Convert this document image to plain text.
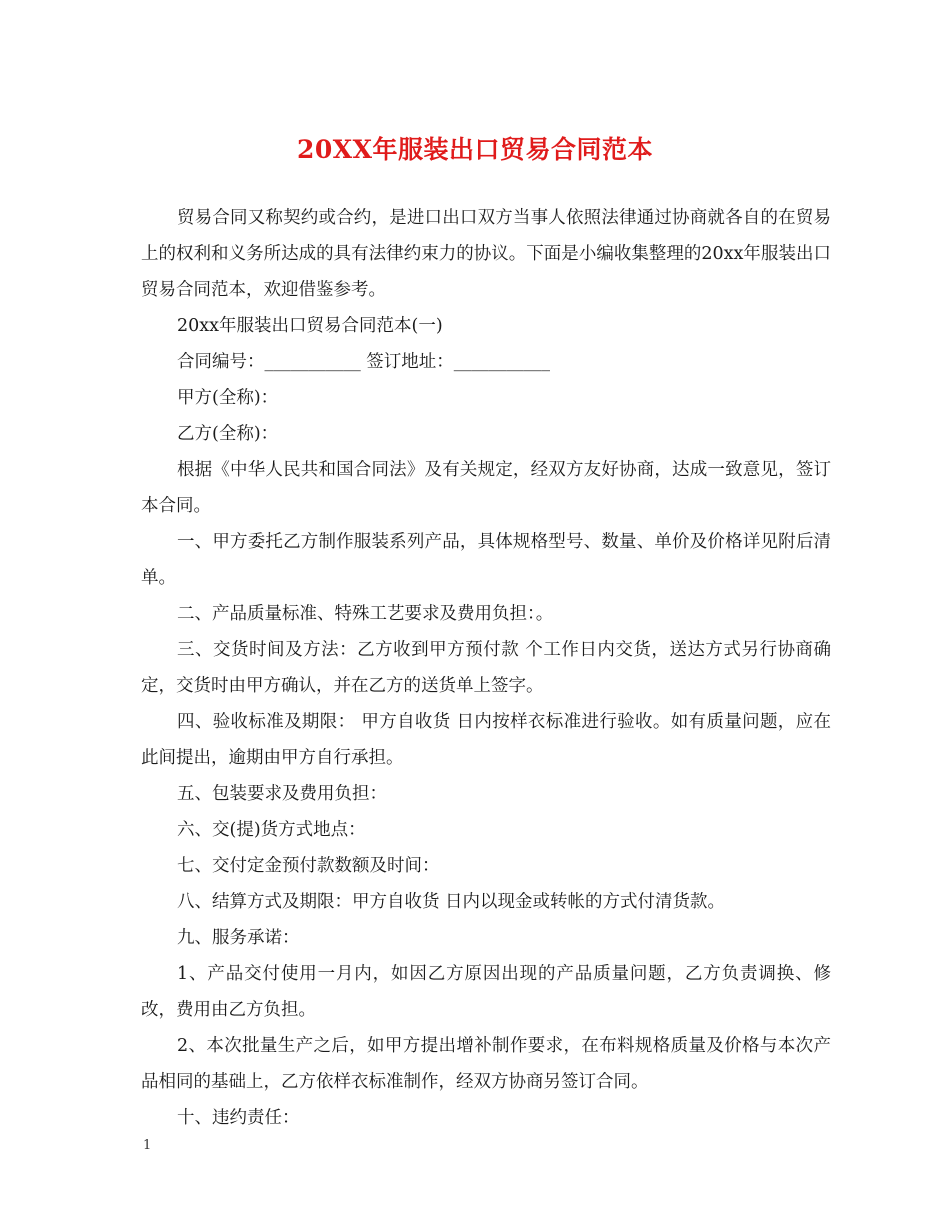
20XX年服装出口贸易合同范本

贸易合同又称契约或合约，是进口出口双方当事人依照法律通过协商就各自的在贸易上的权利和义务所达成的具有法律约束力的协议。下面是小编收集整理的20xx年服装出口贸易合同范本，欢迎借鉴参考。

20xx年服装出口贸易合同范本(一)

合同编号：___________ 签订地址：___________

甲方(全称)：

乙方(全称)：

根据《中华人民共和国合同法》及有关规定，经双方友好协商，达成一致意见，签订本合同。

一、甲方委托乙方制作服装系列产品，具体规格型号、数量、单价及价格详见附后清单。

二、产品质量标准、特殊工艺要求及费用负担：。

三、交货时间及方法：乙方收到甲方预付款 个工作日内交货，送达方式另行协商确定，交货时由甲方确认，并在乙方的送货单上签字。

四、验收标准及期限： 甲方自收货 日内按样衣标准进行验收。如有质量问题，应在此间提出，逾期由甲方自行承担。

五、包装要求及费用负担：

六、交(提)货方式地点：

七、交付定金预付款数额及时间：

八、结算方式及期限：甲方自收货 日内以现金或转帐的方式付清货款。

九、服务承诺：

1、产品交付使用一月内，如因乙方原因出现的产品质量问题，乙方负责调换、修改，费用由乙方负担。

2、本次批量生产之后，如甲方提出增补制作要求，在布料规格质量及价格与本次产品相同的基础上，乙方依样衣标准制作，经双方协商另签订合同。

十、违约责任：

1
